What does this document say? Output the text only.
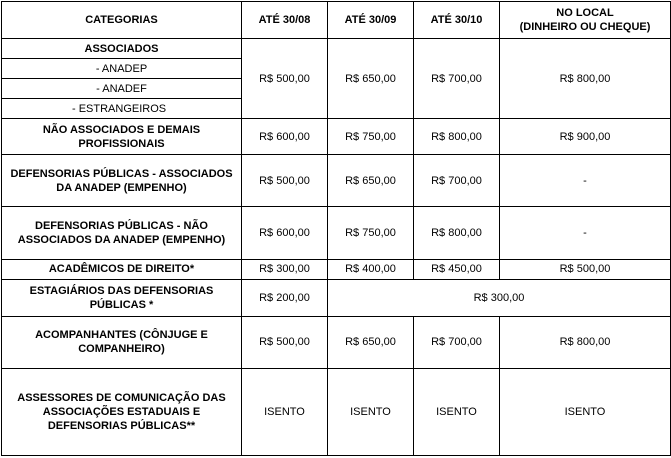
CATEGORIAS	ATÉ 30/08	ATÉ 30/09	ATÉ 30/10	NO LOCAL
(DINHEIRO OU CHEQUE)
ASSOCIADOS	R$ 500,00	R$ 650,00	R$ 700,00	R$ 800,00
- ANADEP				
- ANADEF				
- ESTRANGEIROS				
NÃO ASSOCIADOS E DEMAIS PROFISSIONAIS	R$ 600,00	R$ 750,00	R$ 800,00	R$ 900,00
DEFENSORIAS PÚBLICAS - ASSOCIADOS DA ANADEP (EMPENHO)	R$ 500,00	R$ 650,00	R$ 700,00	-
DEFENSORIAS PÚBLICAS - NÃO ASSOCIADOS DA ANADEP (EMPENHO)	R$ 600,00	R$ 750,00	R$ 800,00	-
ACADÊMICOS DE DIREITO*	R$ 300,00	R$ 400,00	R$ 450,00	R$ 500,00
ESTAGIÁRIOS DAS DEFENSORIAS PÚBLICAS *	R$ 200,00	R$ 300,00		
ACOMPANHANTES (CÔNJUGE E COMPANHEIRO)	R$ 500,00	R$ 650,00	R$ 700,00	R$ 800,00
ASSESSORES DE COMUNICAÇÃO DAS ASSOCIAÇÕES ESTADUAIS E DEFENSORIAS PÚBLICAS**	ISENTO	ISENTO	ISENTO	ISENTO
